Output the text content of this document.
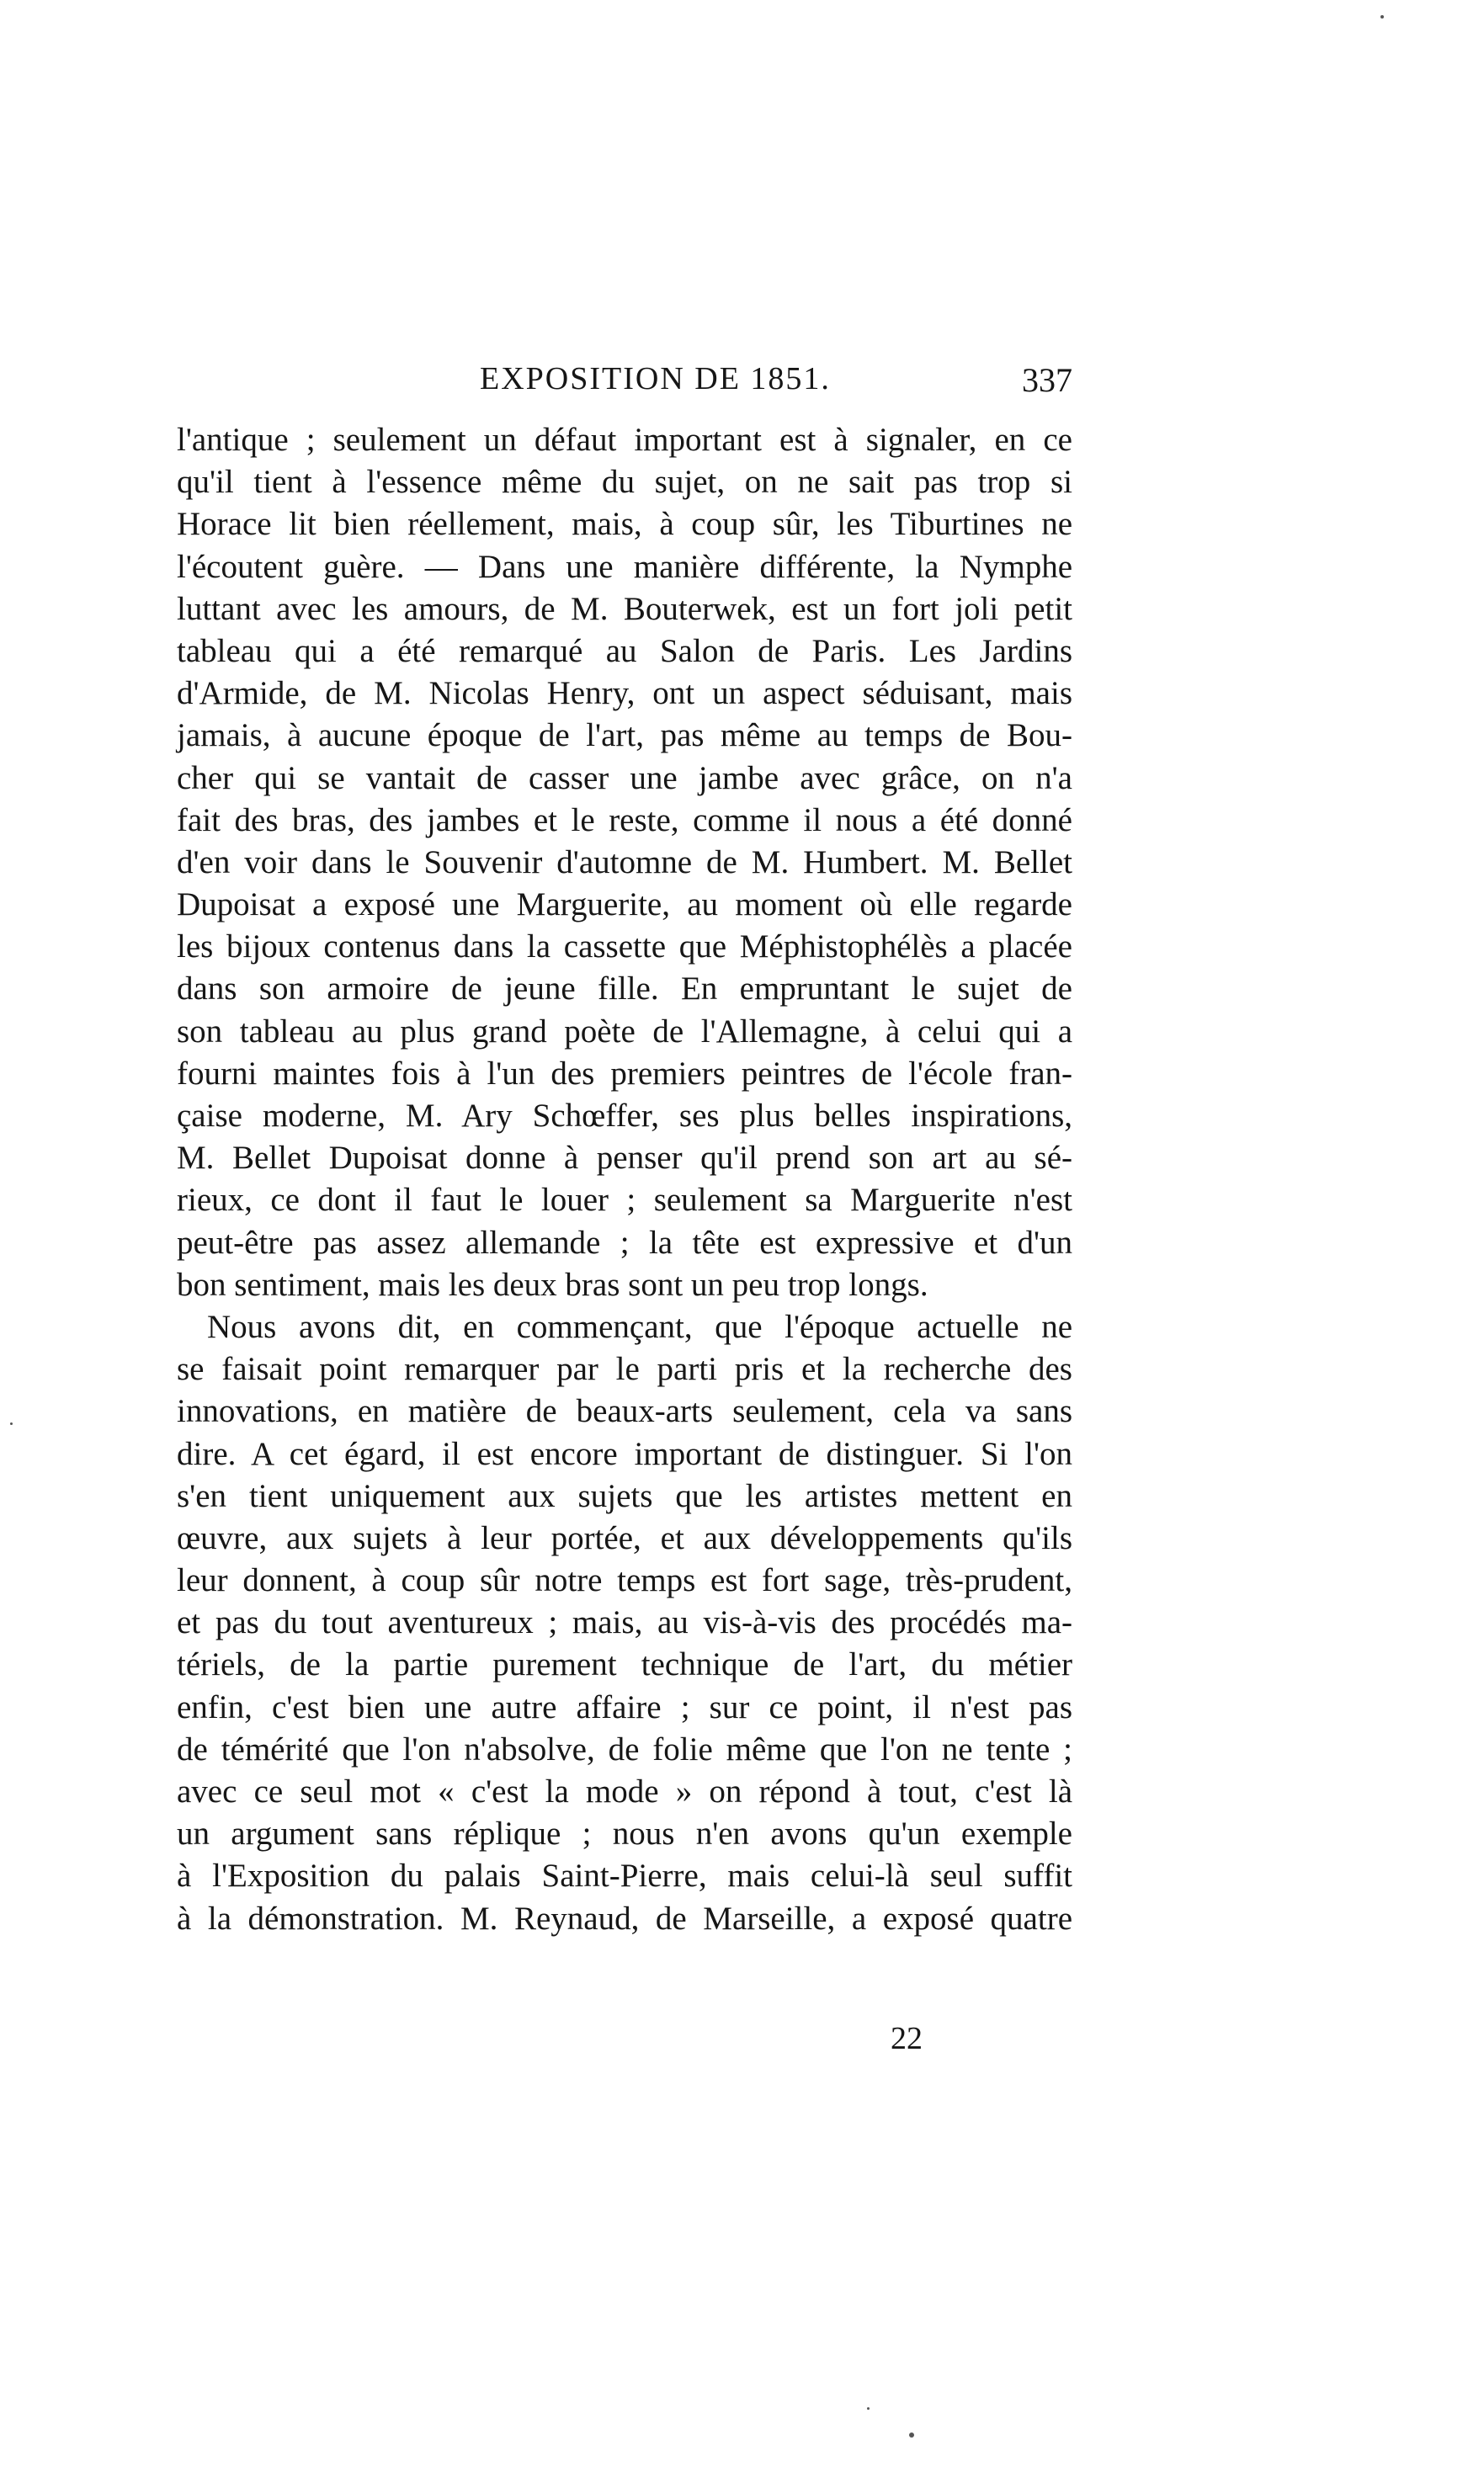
EXPOSITION DE 1851.	337
l'antique ; seulement un défaut important est à signaler, en ce
qu'il tient à l'essence même du sujet, on ne sait pas trop si
Horace lit bien réellement, mais, à coup sûr, les Tiburtines ne
l'écoutent guère. — Dans une manière différente, la Nymphe
luttant avec les amours, de M. Bouterwek, est un fort joli petit
tableau qui a été remarqué au Salon de Paris. Les Jardins
d'Armide, de M. Nicolas Henry, ont un aspect séduisant, mais
jamais, à aucune époque de l'art, pas même au temps de Bou-
cher qui se vantait de casser une jambe avec grâce, on n'a
fait des bras, des jambes et le reste, comme il nous a été donné
d'en voir dans le Souvenir d'automne de M. Humbert. M. Bellet
Dupoisat a exposé une Marguerite, au moment où elle regarde
les bijoux contenus dans la cassette que Méphistophélès a placée
dans son armoire de jeune fille. En empruntant le sujet de
son tableau au plus grand poète de l'Allemagne, à celui qui a
fourni maintes fois à l'un des premiers peintres de l'école fran-
çaise moderne, M. Ary Schœffer, ses plus belles inspirations,
M. Bellet Dupoisat donne à penser qu'il prend son art au sé-
rieux, ce dont il faut le louer ; seulement sa Marguerite n'est
peut-être pas assez allemande ; la tête est expressive et d'un
bon sentiment, mais les deux bras sont un peu trop longs.
Nous avons dit, en commençant, que l'époque actuelle ne
se faisait point remarquer par le parti pris et la recherche des
innovations, en matière de beaux-arts seulement, cela va sans
dire. A cet égard, il est encore important de distinguer. Si l'on
s'en tient uniquement aux sujets que les artistes mettent en
œuvre, aux sujets à leur portée, et aux développements qu'ils
leur donnent, à coup sûr notre temps est fort sage, très-prudent,
et pas du tout aventureux ; mais, au vis-à-vis des procédés ma-
tériels, de la partie purement technique de l'art, du métier
enfin, c'est bien une autre affaire ; sur ce point, il n'est pas
de témérité que l'on n'absolve, de folie même que l'on ne tente ;
avec ce seul mot « c'est la mode » on répond à tout, c'est là
un argument sans réplique ; nous n'en avons qu'un exemple
à l'Exposition du palais Saint-Pierre, mais celui-là seul suffit
à la démonstration. M. Reynaud, de Marseille, a exposé quatre
22
